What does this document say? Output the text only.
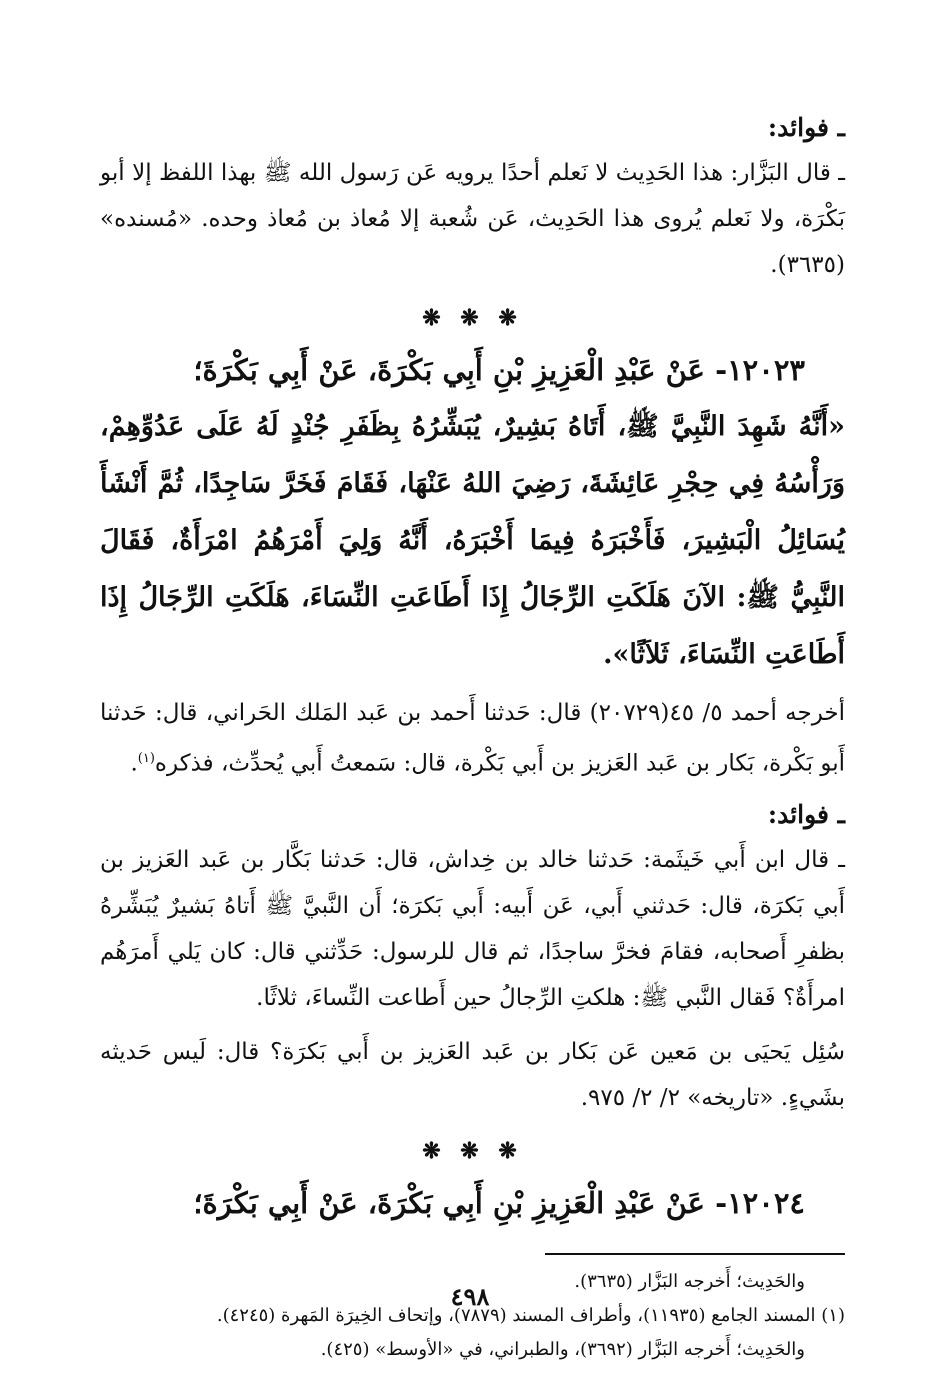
ـ فوائد:

ـ قال البَزَّار: هذا الحَدِيث لا نَعلم أحدًا يرويه عَن رَسول الله ﷺ بهذا اللفظ إلا أبو بَكْرَة، ولا نَعلم يُروى هذا الحَدِيث، عَن شُعبة إلا مُعاذ بن مُعاذ وحده. «مُسنده» (٣٦٣٥).

❋ ❋ ❋
١٢٠٢٣- عَنْ عَبْدِ الْعَزِيزِ بْنِ أَبِي بَكْرَةَ، عَنْ أَبِي بَكْرَةَ؛

«أَنَّهُ شَهِدَ النَّبِيَّ ﷺ، أَتَاهُ بَشِيرٌ، يُبَشِّرُهُ بِظَفَرِ جُنْدٍ لَهُ عَلَى عَدُوِّهِمْ، وَرَأْسُهُ فِي حِجْرِ عَائِشَةَ، رَضِيَ اللهُ عَنْهَا، فَقَامَ فَخَرَّ سَاجِدًا، ثُمَّ أَنْشَأَ يُسَائِلُ الْبَشِيرَ، فَأَخْبَرَهُ فِيمَا أَخْبَرَهُ، أَنَّهُ وَلِيَ أَمْرَهُمُ امْرَأَةٌ، فَقَالَ النَّبِيُّ ﷺ: الآنَ هَلَكَتِ الرِّجَالُ إِذَا أَطَاعَتِ النِّسَاءَ، هَلَكَتِ الرِّجَالُ إِذَا أَطَاعَتِ النِّسَاءَ، ثَلاَثًا».

أخرجه أحمد ٥/ ٤٥(٢٠٧٢٩) قال: حَدثنا أَحمد بن عَبد المَلك الحَراني، قال: حَدثنا أَبو بَكْرة، بَكار بن عَبد العَزيز بن أَبي بَكْرة، قال: سَمعتُ أَبي يُحدِّث، فذكره$^{(١)}$.

ـ فوائد:

ـ قال ابن أَبي خَيثَمة: حَدثنا خالد بن خِداش، قال: حَدثنا بَكَّار بن عَبد العَزيز بن أَبي بَكرَة، قال: حَدثني أَبي، عَن أَبيه: أَبي بَكرَة؛ أَن النَّبيَّ ﷺ أَتاهُ بَشيرٌ يُبَشِّرهُ بظفرِ أَصحابه، فقامَ فخرَّ ساجدًا، ثم قال للرسول: حَدِّثني قال: كان يَلي أَمرَهُم امرأَةٌ؟ فَقال النَّبي ﷺ: هلكتِ الرِّجالُ حين أَطاعت النِّساءَ، ثلاثًا.

سُئِل يَحيَى بن مَعين عَن بَكار بن عَبد العَزيز بن أَبي بَكرَة؟ قال: لَيس حَديثه بشَيءٍ. «تاريخه» ٢/ ٢/ ٩٧٥.

❋ ❋ ❋
١٢٠٢٤- عَنْ عَبْدِ الْعَزِيزِ بْنِ أَبِي بَكْرَةَ، عَنْ أَبِي بَكْرَةَ؛

والحَدِيث؛ أَخرجه البَزَّار (٣٦٣٥).

(١) المسند الجامع (١١٩٣٥)، وأطراف المسند (٧٨٧٩)، وإتحاف الخِيرَة المَهرة (٤٢٤٥).

والحَدِيث؛ أَخرجه البَزَّار (٣٦٩٢)، والطبراني، في «الأوسط» (٤٢٥).

٤٩٨
